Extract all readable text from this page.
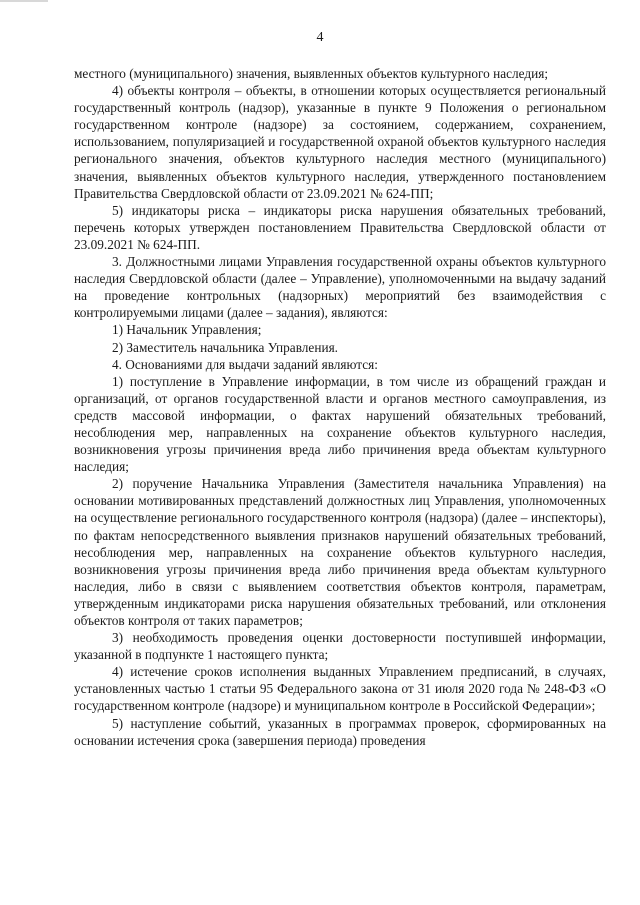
4

местного (муниципального) значения, выявленных объектов культурного наследия;

4) объекты контроля – объекты, в отношении которых осуществляется региональный государственный контроль (надзор), указанные в пункте 9 Положения о региональном государственном контроле (надзоре) за состоянием, содержанием, сохранением, использованием, популяризацией и государственной охраной объектов культурного наследия регионального значения, объектов культурного наследия местного (муниципального) значения, выявленных объектов культурного наследия, утвержденного постановлением Правительства Свердловской области от 23.09.2021 № 624-ПП;

5) индикаторы риска – индикаторы риска нарушения обязательных требований, перечень которых утвержден постановлением Правительства Свердловской области от 23.09.2021 № 624-ПП.

3. Должностными лицами Управления государственной охраны объектов культурного наследия Свердловской области (далее – Управление), уполномоченными на выдачу заданий на проведение контрольных (надзорных) мероприятий без взаимодействия с контролируемыми лицами (далее – задания), являются:

1) Начальник Управления;

2) Заместитель начальника Управления.

4. Основаниями для выдачи заданий являются:

1) поступление в Управление информации, в том числе из обращений граждан и организаций, от органов государственной власти и органов местного самоуправления, из средств массовой информации, о фактах нарушений обязательных требований, несоблюдения мер, направленных на сохранение объектов культурного наследия, возникновения угрозы причинения вреда либо причинения вреда объектам культурного наследия;

2) поручение Начальника Управления (Заместителя начальника Управления) на основании мотивированных представлений должностных лиц Управления, уполномоченных на осуществление регионального государственного контроля (надзора) (далее – инспекторы), по фактам непосредственного выявления признаков нарушений обязательных требований, несоблюдения мер, направленных на сохранение объектов культурного наследия, возникновения угрозы причинения вреда либо причинения вреда объектам культурного наследия, либо в связи с выявлением соответствия объектов контроля, параметрам, утвержденным индикаторами риска нарушения обязательных требований, или отклонения объектов контроля от таких параметров;

3) необходимость проведения оценки достоверности поступившей информации, указанной в подпункте 1 настоящего пункта;

4) истечение сроков исполнения выданных Управлением предписаний, в случаях, установленных частью 1 статьи 95 Федерального закона от 31 июля 2020 года № 248-ФЗ «О государственном контроле (надзоре) и муниципальном контроле в Российской Федерации»;

5) наступление событий, указанных в программах проверок, сформированных на основании истечения срока (завершения периода) проведения
